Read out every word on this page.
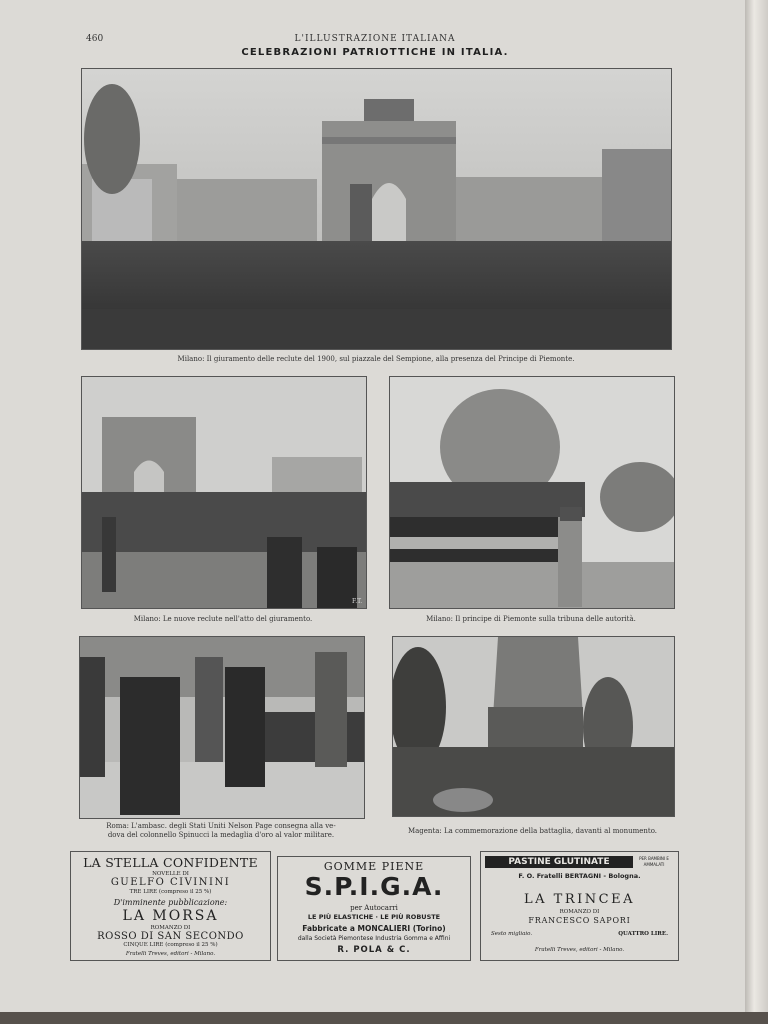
460	L'ILLUSTRAZIONE ITALIANA
CELEBRAZIONI PATRIOTTICHE IN ITALIA.
Milano: Il giuramento delle reclute del 1900, sul piazzale del Sempione, alla presenza del Principe di Piemonte.
F.T.
Milano: Le nuove reclute nell'atto del giuramento.	Milano: Il principe di Piemonte sulla tribuna delle autorità.
Roma: L'ambasc. degli Stati Uniti Nelson Page consegna alla ve-
dova del colonnello Spinucci la medaglia d'oro al valor militare.	Magenta: La commemorazione della battaglia, davanti al monumento.
LA STELLA CONFIDENTE
NOVELLE DI
GUELFO CIVININI
TRE LIRE (compreso il 25 %)
D'imminente pubblicazione:
LA MORSA
ROMANZO DI
ROSSO DI SAN SECONDO
CINQUE LIRE (compreso il 25 %)
Fratelli Treves, editori - Milano.
GOMME PIENE
S.P.I.G.A.
per Autocarri
LE PIÙ ELASTICHE · LE PIÙ ROBUSTE
Fabbricate a MONCALIERI (Torino)
dalla Società Piemontese Industria Gomma e Affini
R. POLA & C.
PASTINE GLUTINATE	PER BAMBINI E AMMALATI
F. O. Fratelli BERTAGNI - Bologna.
LA TRINCEA
ROMANZO DI
FRANCESCO SAPORI
Sesto migliaio.	QUATTRO LIRE.
Fratelli Treves, editori - Milano.
